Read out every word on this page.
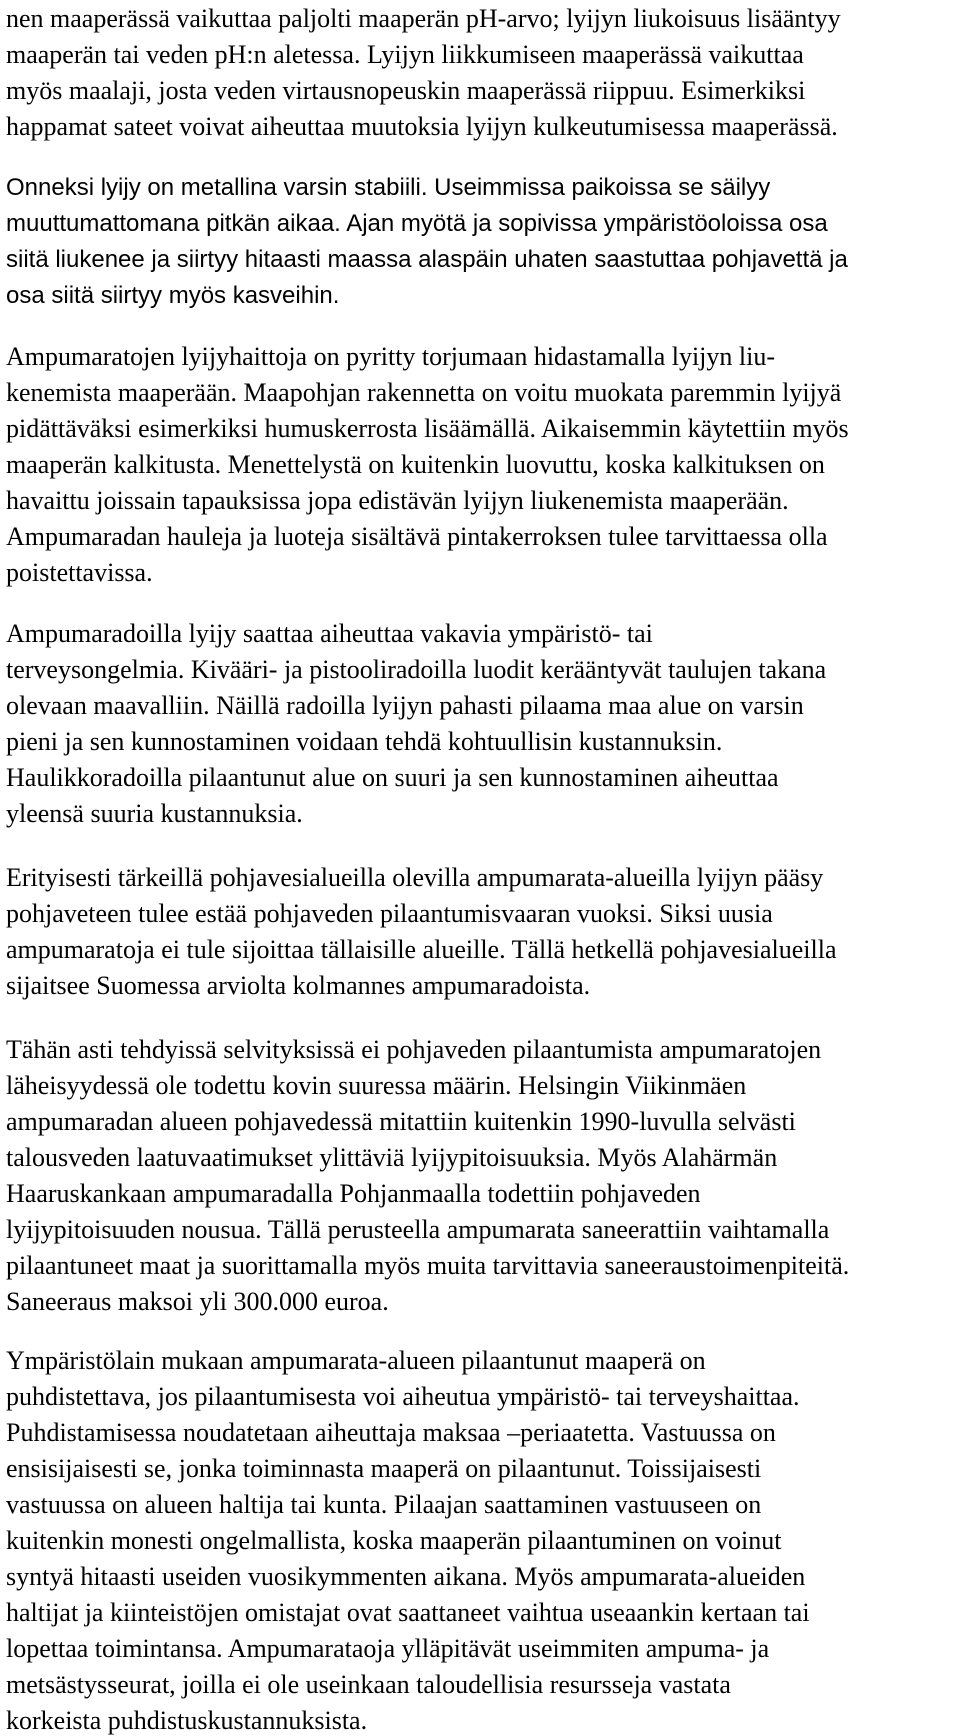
nen maaperässä vaikuttaa paljolti maaperän pH-arvo; lyijyn liukoisuus lisääntyy
maaperän tai veden pH:n aletessa. Lyijyn liikkumiseen maaperässä vaikuttaa
myös maalaji, josta veden virtausnopeuskin maaperässä riippuu. Esimerkiksi
happamat sateet voivat aiheuttaa muutoksia lyijyn kulkeutumisessa maaperässä.

Onneksi lyijy on metallina varsin stabiili. Useimmissa paikoissa se säilyy
muuttumattomana pitkän aikaa. Ajan myötä ja sopivissa ympäristöoloissa osa
siitä liukenee ja siirtyy hitaasti maassa alaspäin uhaten saastuttaa pohjavettä ja
osa siitä siirtyy myös kasveihin.

Ampumaratojen lyijyhaittoja on pyritty torjumaan hidastamalla lyijyn liu-
kenemista maaperään. Maapohjan rakennetta on voitu muokata paremmin lyijyä
pidättäväksi esimerkiksi humuskerrosta lisäämällä. Aikaisemmin käytettiin myös
maaperän kalkitusta. Menettelystä on kuitenkin luovuttu, koska kalkituksen on
havaittu joissain tapauksissa jopa edistävän lyijyn liukenemista maaperään.
Ampumaradan hauleja ja luoteja sisältävä pintakerroksen tulee tarvittaessa olla
poistettavissa.

Ampumaradoilla lyijy saattaa aiheuttaa vakavia ympäristö- tai
terveysongelmia. Kivääri- ja pistooliradoilla luodit kerääntyvät taulujen takana
olevaan maavalliin. Näillä radoilla lyijyn pahasti pilaama maa alue on varsin
pieni ja sen kunnostaminen voidaan tehdä kohtuullisin kustannuksin.
Haulikkoradoilla pilaantunut alue on suuri ja sen kunnostaminen aiheuttaa
yleensä suuria kustannuksia.

Erityisesti tärkeillä pohjavesialueilla olevilla ampumarata-alueilla lyijyn pääsy
pohjaveteen tulee estää pohjaveden pilaantumisvaaran vuoksi. Siksi uusia
ampumaratoja ei tule sijoittaa tällaisille alueille. Tällä hetkellä pohjavesialueilla
sijaitsee Suomessa arviolta kolmannes ampumaradoista.

Tähän asti tehdyissä selvityksissä ei pohjaveden pilaantumista ampumaratojen
läheisyydessä ole todettu kovin suuressa määrin. Helsingin Viikinmäen
ampumaradan alueen pohjavedessä mitattiin kuitenkin 1990-luvulla selvästi
talousveden laatuvaatimukset ylittäviä lyijypitoisuuksia. Myös Alahärmän
Haaruskankaan ampumaradalla Pohjanmaalla todettiin pohjaveden
lyijypitoisuuden nousua. Tällä perusteella ampumarata saneerattiin vaihtamalla
pilaantuneet maat ja suorittamalla myös muita tarvittavia saneeraustoimenpiteitä.
Saneeraus maksoi yli 300.000 euroa.

Ympäristölain mukaan ampumarata-alueen pilaantunut maaperä on
puhdistettava, jos pilaantumisesta voi aiheutua ympäristö- tai terveyshaittaa.
Puhdistamisessa noudatetaan aiheuttaja maksaa –periaatetta. Vastuussa on
ensisijaisesti se, jonka toiminnasta maaperä on pilaantunut. Toissijaisesti
vastuussa on alueen haltija tai kunta. Pilaajan saattaminen vastuuseen on
kuitenkin monesti ongelmallista, koska maaperän pilaantuminen on voinut
syntyä hitaasti useiden vuosikymmenten aikana. Myös ampumarata-alueiden
haltijat ja kiinteistöjen omistajat ovat saattaneet vaihtua useaankin kertaan tai
lopettaa toimintansa. Ampumarataoja ylläpitävät useimmiten ampuma- ja
metsästysseurat, joilla ei ole useinkaan taloudellisia resursseja vastata
korkeista puhdistuskustannuksista.
